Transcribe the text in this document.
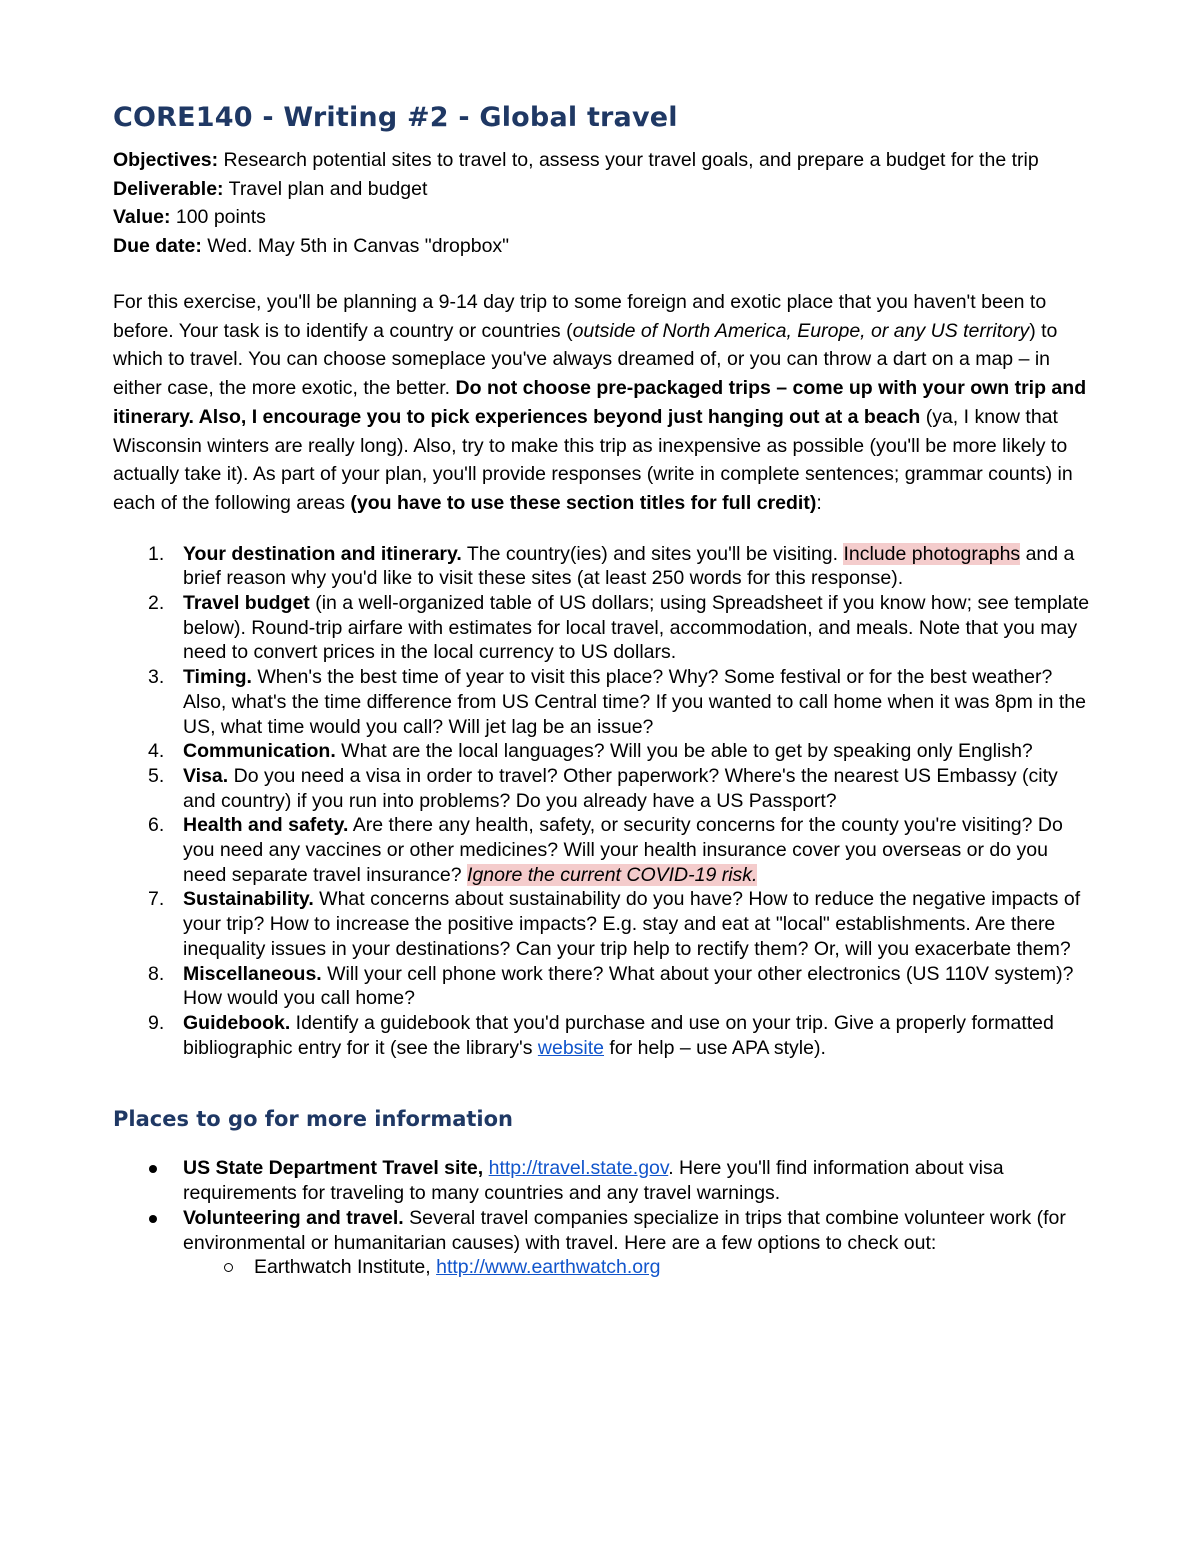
CORE140 - Writing #2 - Global travel
Objectives: Research potential sites to travel to, assess your travel goals, and prepare a budget for the trip
Deliverable: Travel plan and budget
Value: 100 points
Due date: Wed. May 5th in Canvas "dropbox"

For this exercise, you'll be planning a 9-14 day trip to some foreign and exotic place that you haven't been to before. Your task is to identify a country or countries (outside of North America, Europe, or any US territory) to which to travel. You can choose someplace you've always dreamed of, or you can throw a dart on a map – in either case, the more exotic, the better. Do not choose pre-packaged trips – come up with your own trip and itinerary. Also, I encourage you to pick experiences beyond just hanging out at a beach (ya, I know that Wisconsin winters are really long). Also, try to make this trip as inexpensive as possible (you'll be more likely to actually take it). As part of your plan, you'll provide responses (write in complete sentences; grammar counts) in each of the following areas (you have to use these section titles for full credit):

1. Your destination and itinerary. The country(ies) and sites you'll be visiting. Include photographs and a brief reason why you'd like to visit these sites (at least 250 words for this response).
2. Travel budget (in a well-organized table of US dollars; using Spreadsheet if you know how; see template below). Round-trip airfare with estimates for local travel, accommodation, and meals. Note that you may need to convert prices in the local currency to US dollars.
3. Timing. When's the best time of year to visit this place? Why? Some festival or for the best weather? Also, what's the time difference from US Central time? If you wanted to call home when it was 8pm in the US, what time would you call? Will jet lag be an issue?
4. Communication. What are the local languages? Will you be able to get by speaking only English?
5. Visa. Do you need a visa in order to travel? Other paperwork? Where's the nearest US Embassy (city and country) if you run into problems? Do you already have a US Passport?
6. Health and safety. Are there any health, safety, or security concerns for the county you're visiting? Do you need any vaccines or other medicines? Will your health insurance cover you overseas or do you need separate travel insurance? Ignore the current COVID-19 risk.
7. Sustainability. What concerns about sustainability do you have? How to reduce the negative impacts of your trip? How to increase the positive impacts? E.g. stay and eat at "local" establishments. Are there inequality issues in your destinations? Can your trip help to rectify them? Or, will you exacerbate them?
8. Miscellaneous. Will your cell phone work there? What about your other electronics (US 110V system)? How would you call home?
9. Guidebook. Identify a guidebook that you'd purchase and use on your trip. Give a properly formatted bibliographic entry for it (see the library's website for help – use APA style).
Places to go for more information
US State Department Travel site, http://travel.state.gov. Here you'll find information about visa requirements for traveling to many countries and any travel warnings.
Volunteering and travel. Several travel companies specialize in trips that combine volunteer work (for environmental or humanitarian causes) with travel. Here are a few options to check out:
Earthwatch Institute, http://www.earthwatch.org
